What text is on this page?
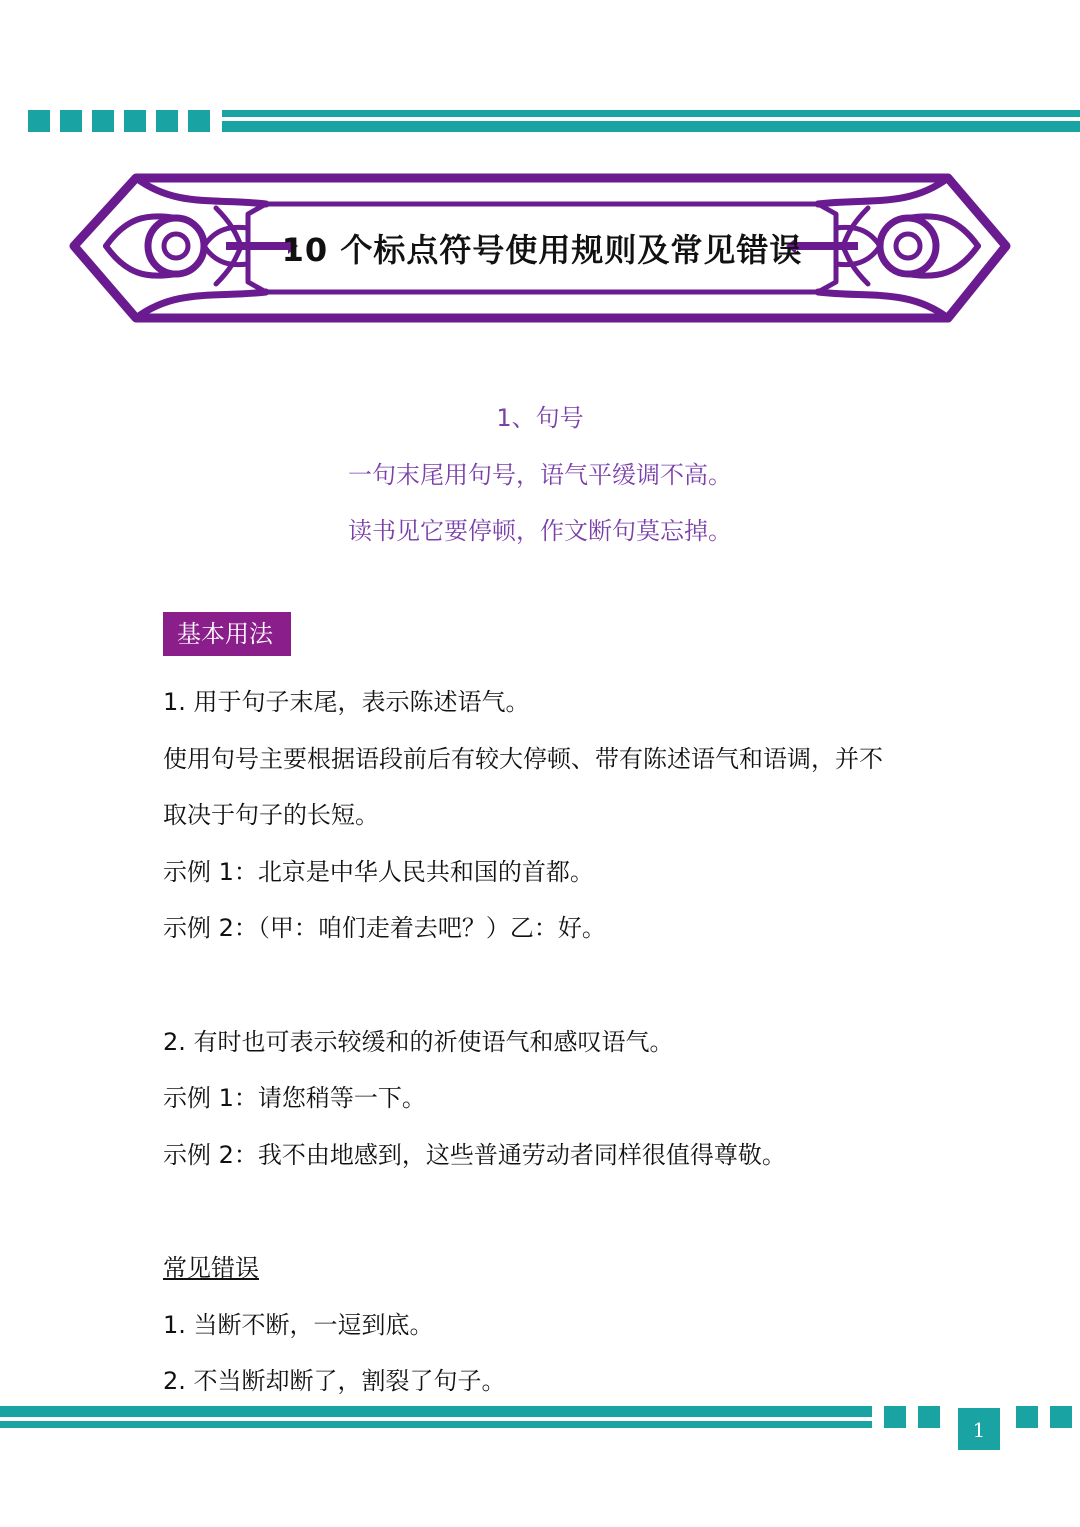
10 个标点符号使用规则及常见错误
1、句号
一句末尾用句号，语气平缓调不高。
读书见它要停顿，作文断句莫忘掉。
基本用法
1. 用于句子末尾，表示陈述语气。
使用句号主要根据语段前后有较大停顿、带有陈述语气和语调，并不
取决于句子的长短。
示例 1：北京是中华人民共和国的首都。
示例 2：（甲：咱们走着去吧？）乙：好。
2. 有时也可表示较缓和的祈使语气和感叹语气。
示例 1：请您稍等一下。
示例 2：我不由地感到，这些普通劳动者同样很值得尊敬。
常见错误
1. 当断不断，一逗到底。
2. 不当断却断了，割裂了句子。
1
